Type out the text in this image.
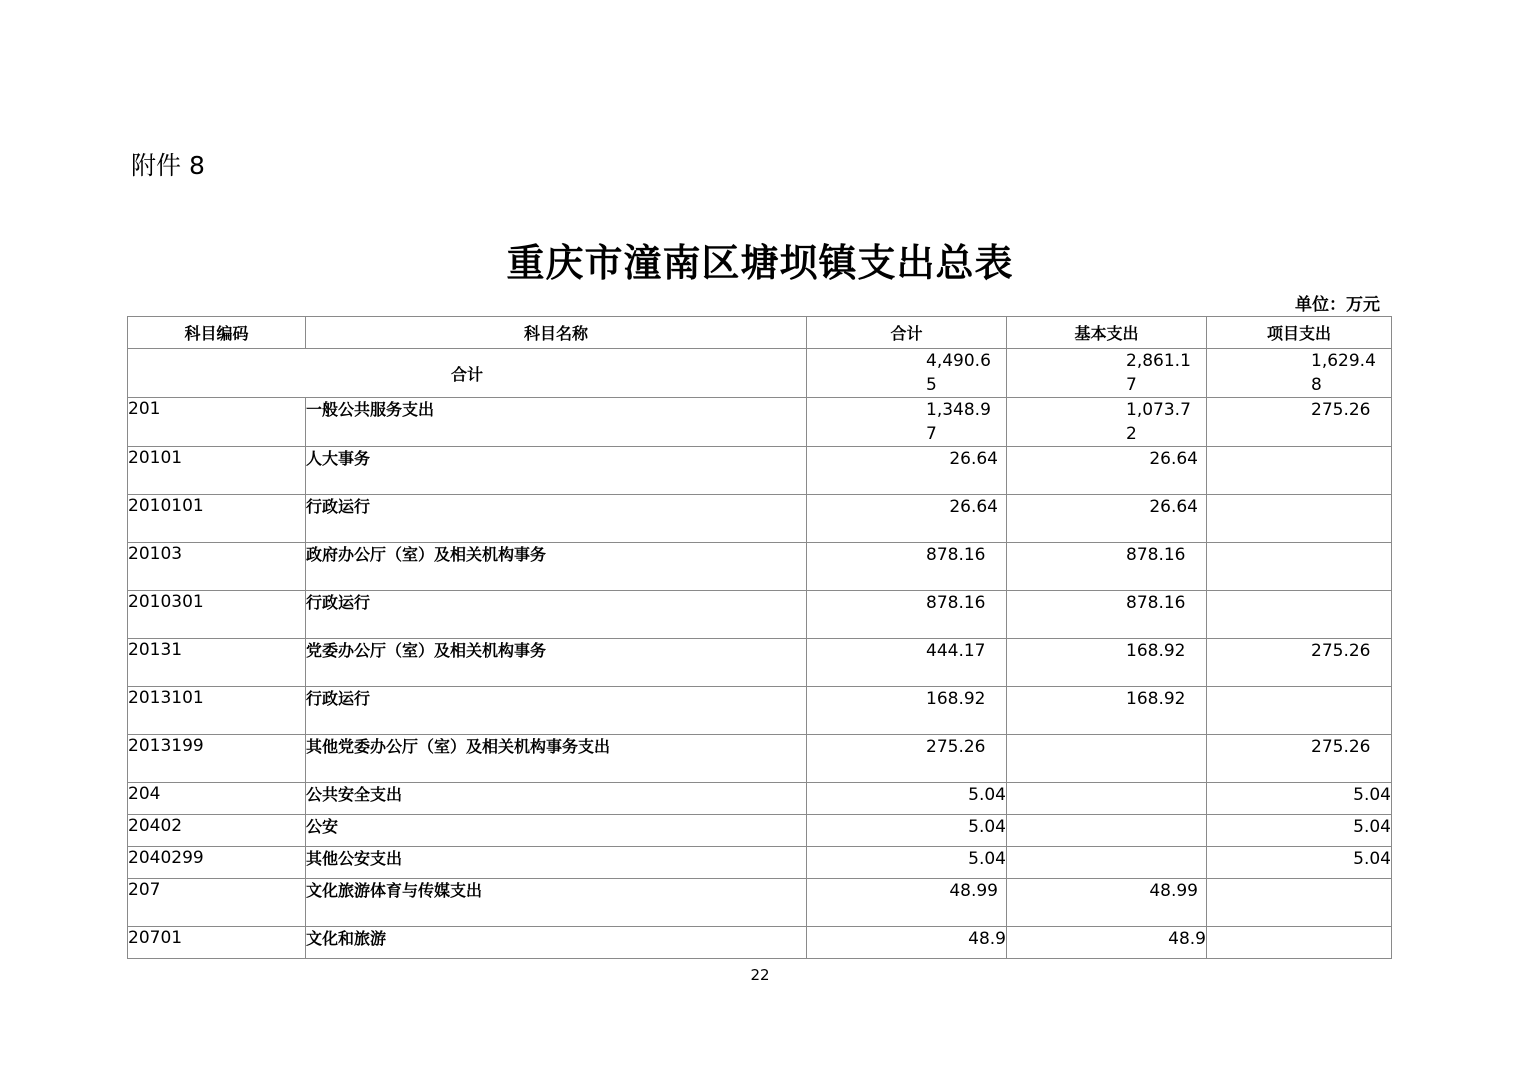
附件 8
重庆市潼南区塘坝镇支出总表
单位：万元
科目编码	科目名称	合计	基本支出	项目支出
合计		4,490.65	2,861.17	1,629.48
201	一般公共服务支出	1,348.97	1,073.72	275.26
20101	人大事务	26.64	26.64	
2010101	行政运行	26.64	26.64	
20103	政府办公厅（室）及相关机构事务	878.16	878.16	
2010301	行政运行	878.16	878.16	
20131	党委办公厅（室）及相关机构事务	444.17	168.92	275.26
2013101	行政运行	168.92	168.92	
2013199	其他党委办公厅（室）及相关机构事务支出	275.26		275.26
204	公共安全支出	5.04		5.04
20402	公安	5.04		5.04
2040299	其他公安支出	5.04		5.04
207	文化旅游体育与传媒支出	48.99	48.99	
20701	文化和旅游	48.9	48.9	
22
